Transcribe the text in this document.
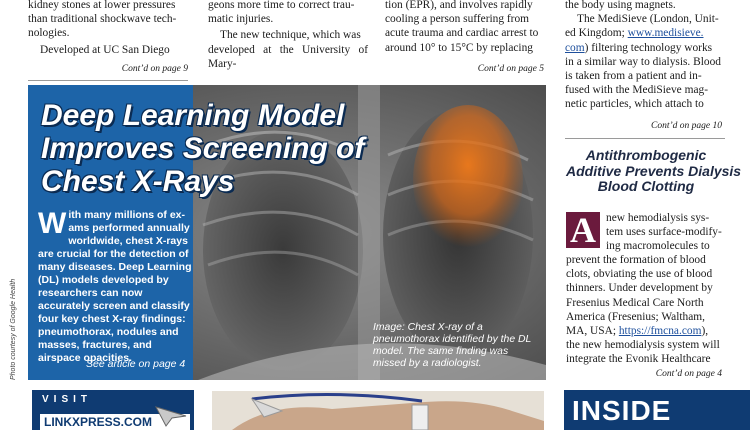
kidney stones at lower pressures
than traditional shockwave tech-
nologies.
Developed at UC San Diego
Cont’d on page 9
geons more time to correct trau-
matic injuries.
The new technique, which was
developed at the University of Mary-
tion (EPR), and involves rapidly
cooling a person suffering from
acute trauma and cardiac arrest to
around 10° to 15°C by replacing
Cont’d on page 5
the body using magnets.
The MediSieve (London, Unit-
ed Kingdom; www.medisieve.
com) filtering technology works
in a similar way to dialysis. Blood
is taken from a patient and in-
fused with the MediSieve mag-
netic particles, which attach to
Cont’d on page 10
Deep Learning Model
Improves Screening of
Chest X-Rays
With many millions of ex- ams performed annually worldwide, chest X-rays are crucial for the detection of many diseases. Deep Learning (DL) models developed by researchers can now accurately screen and classify four key chest X-ray findings: pneumothorax, nodules and masses, fractures, and airspace opacities.
See article on page 4
Image: Chest X-ray of a pneumothorax identified by the DL model. The same finding was missed by a radiologist.
Photo courtesy of Google Health
Antithrombogenic
Additive Prevents Dialysis
Blood Clotting
A new hemodialysis sys-
tem uses surface-modify-
ing macromolecules to
prevent the formation of blood
clots, obviating the use of blood
thinners. Under development by
Fresenius Medical Care North
America (Fresenius; Waltham,
MA, USA; https://fmcna.com),
the new hemodialysis system will
integrate the Evonik Healthcare
Cont’d on page 4
VISIT
LINKXPRESS.COM	INSIDE
